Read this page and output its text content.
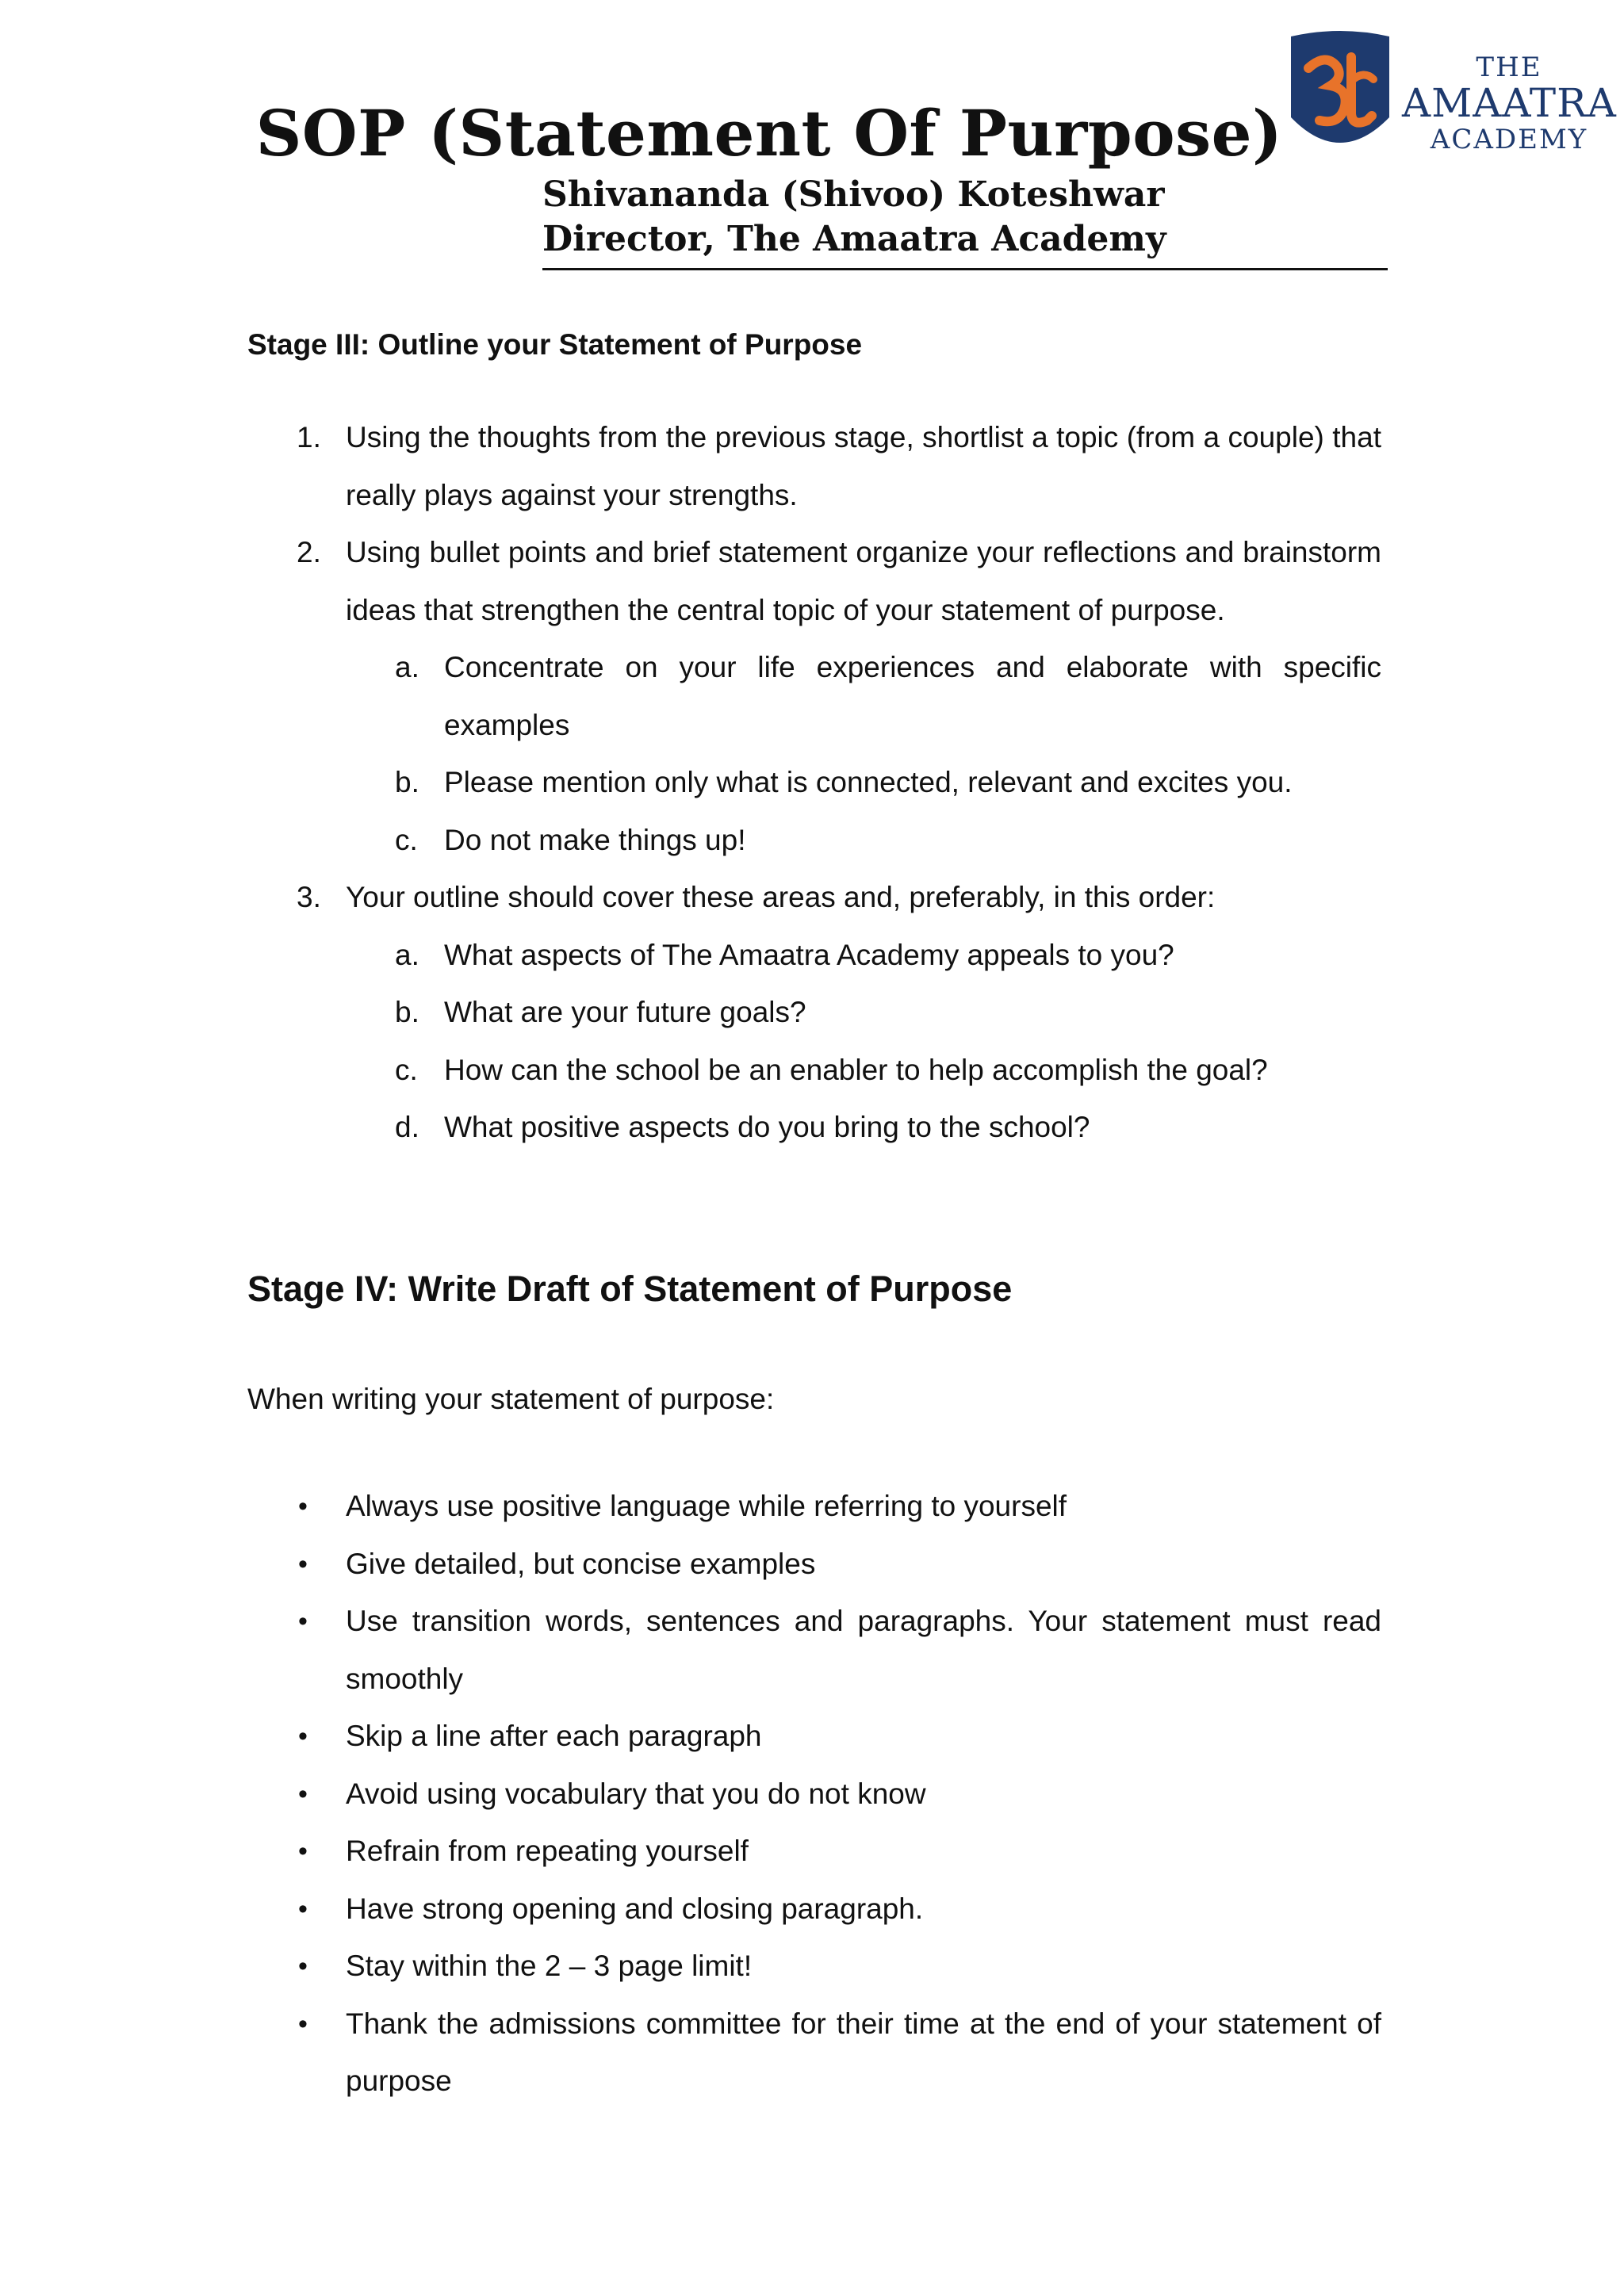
THE
AMAATRA
ACADEMY
SOP (Statement Of Purpose)
Shivananda (Shivoo) Koteshwar
Director, The Amaatra Academy
Stage III: Outline your Statement of Purpose
1. Using the thoughts from the previous stage, shortlist a topic (from a couple) that really plays against your strengths.
2. Using bullet points and brief statement organize your reflections and brainstorm ideas that strengthen the central topic of your statement of purpose.
a. Concentrate on your life experiences and elaborate with specific examples
b. Please mention only what is connected, relevant and excites you.
c. Do not make things up!
3. Your outline should cover these areas and, preferably, in this order:
a. What aspects of The Amaatra Academy appeals to you?
b. What are your future goals?
c. How can the school be an enabler to help accomplish the goal?
d. What positive aspects do you bring to the school?
Stage IV: Write Draft of Statement of Purpose

When writing your statement of purpose:

• Always use positive language while referring to yourself
• Give detailed, but concise examples
• Use transition words, sentences and paragraphs. Your statement must read smoothly
• Skip a line after each paragraph
• Avoid using vocabulary that you do not know
• Refrain from repeating yourself
• Have strong opening and closing paragraph.
• Stay within the 2 – 3 page limit!
• Thank the admissions committee for their time at the end of your statement of purpose
